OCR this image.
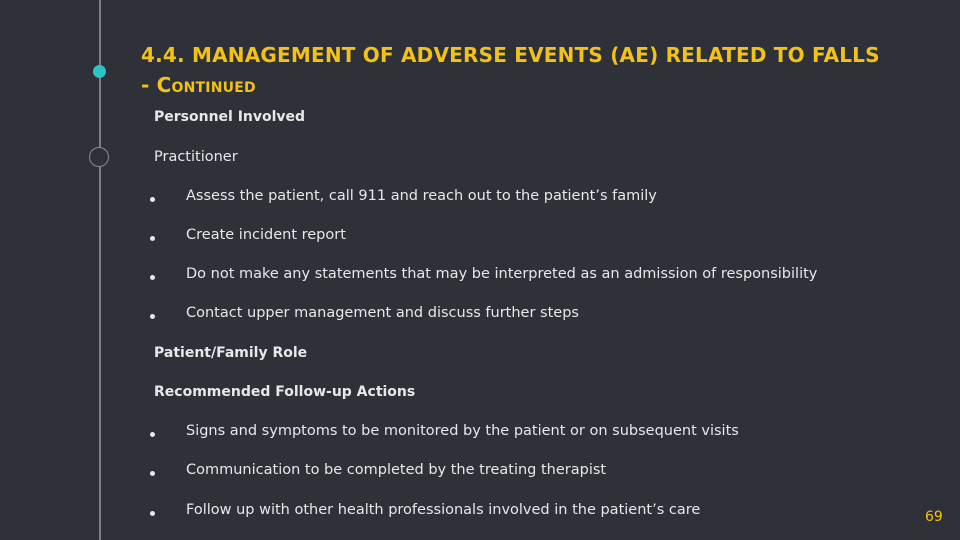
4.4. MANAGEMENT OF ADVERSE EVENTS (AE) RELATED TO FALLS
- Continued
Personnel Involved
Practitioner
Assess the patient, call 911 and reach out to the patient’s family
Create incident report
Do not make any statements that may be interpreted as an admission of responsibility
Contact upper management and discuss further steps
Patient/Family Role
Recommended Follow-up Actions
Signs and symptoms to be monitored by the patient or on subsequent visits
Communication to be completed by the treating therapist
Follow up with other health professionals involved in the patient’s care	69
